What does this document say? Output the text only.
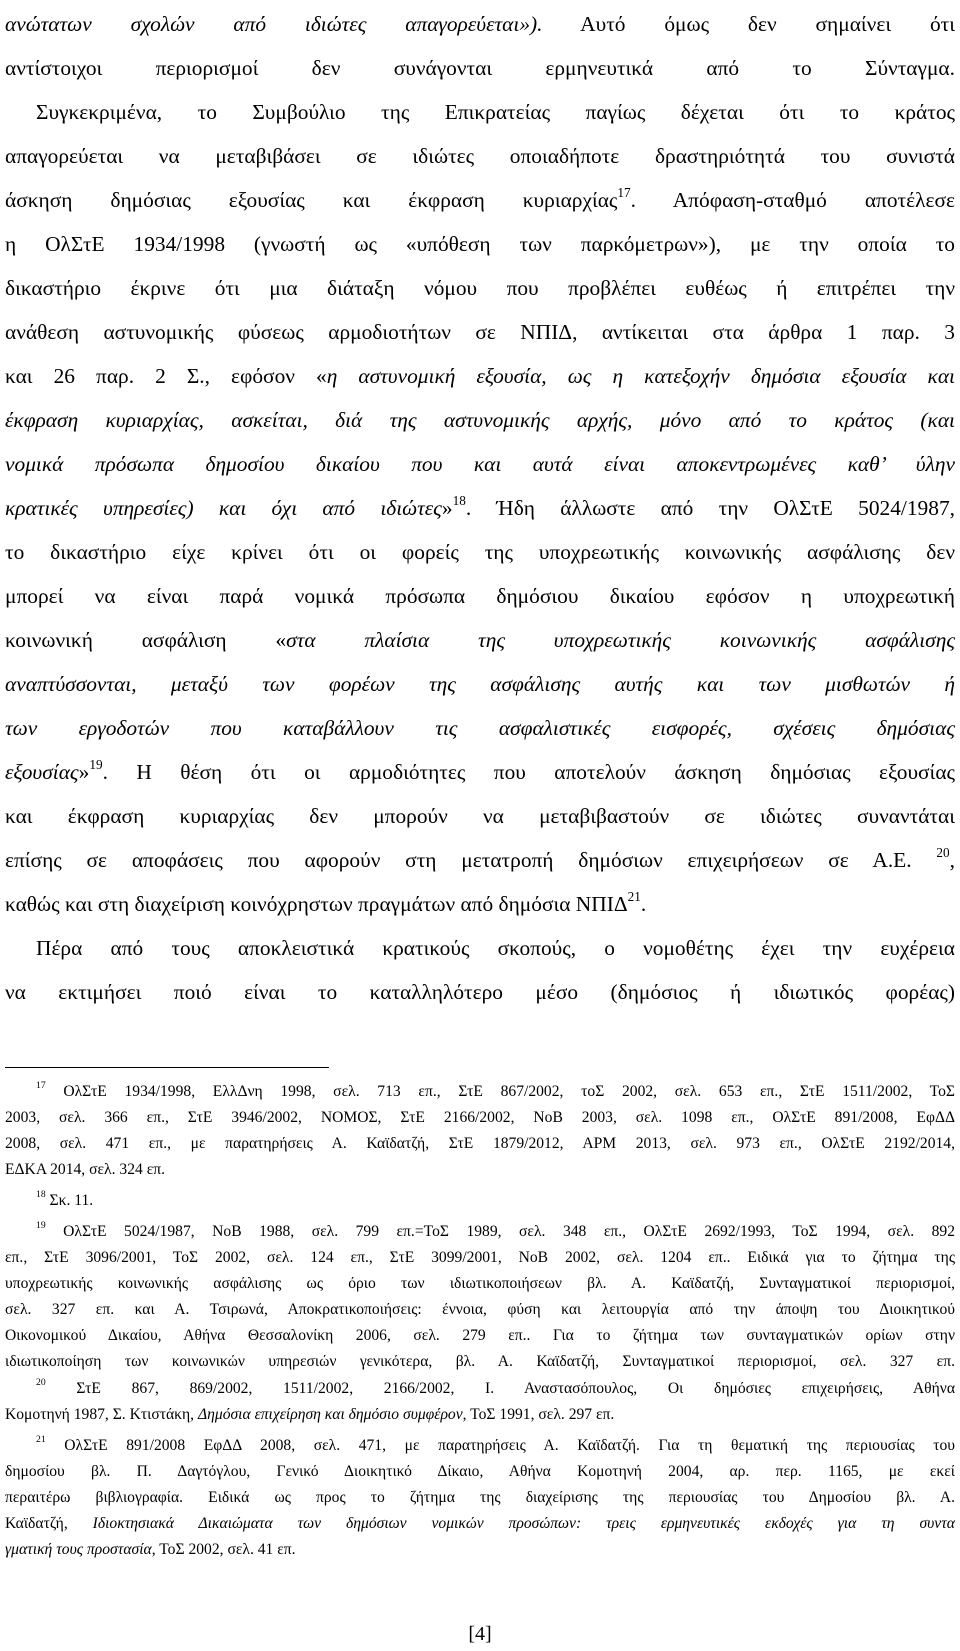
ανώτατων σχολών από ιδιώτες απαγορεύεται»). Αυτό όμως δεν σημαίνει ότι
αντίστοιχοι περιορισμοί δεν συνάγονται ερμηνευτικά από το Σύνταγμα.
Συγκεκριμένα, το Συμβούλιο της Επικρατείας παγίως δέχεται ότι το κράτος
απαγορεύεται να μεταβιβάσει σε ιδιώτες οποιαδήποτε δραστηριότητά του συνιστά
άσκηση δημόσιας εξουσίας και έκφραση κυριαρχίας$^{17}$. Απόφαση-σταθμό αποτέλεσε
η ΟλΣτΕ 1934/1998 (γνωστή ως «υπόθεση των παρκόμετρων»), με την οποία το
δικαστήριο έκρινε ότι μια διάταξη νόμου που προβλέπει ευθέως ή επιτρέπει την
ανάθεση αστυνομικής φύσεως αρμοδιοτήτων σε ΝΠΙΔ, αντίκειται στα άρθρα 1 παρ. 3
και 26 παρ. 2 Σ., εφόσον «η αστυνομική εξουσία, ως η κατεξοχήν δημόσια εξουσία και
έκφραση κυριαρχίας, ασκείται, διά της αστυνομικής αρχής, μόνο από το κράτος (και
νομικά πρόσωπα δημοσίου δικαίου που και αυτά είναι αποκεντρωμένες καθ’ ύλην
κρατικές υπηρεσίες) και όχι από ιδιώτες»$^{18}$. Ήδη άλλωστε από την ΟλΣτΕ 5024/1987,
το δικαστήριο είχε κρίνει ότι οι φορείς της υποχρεωτικής κοινωνικής ασφάλισης δεν
μπορεί να είναι παρά νομικά πρόσωπα δημόσιου δικαίου εφόσον η υποχρεωτική
κοινωνική ασφάλιση «στα πλαίσια της υποχρεωτικής κοινωνικής ασφάλισης
αναπτύσσονται, μεταξύ των φορέων της ασφάλισης αυτής και των μισθωτών ή
των εργοδοτών που καταβάλλουν τις ασφαλιστικές εισφορές, σχέσεις δημόσιας
εξουσίας»$^{19}$. Η θέση ότι οι αρμοδιότητες που αποτελούν άσκηση δημόσιας εξουσίας
και έκφραση κυριαρχίας δεν μπορούν να μεταβιβαστούν σε ιδιώτες συναντάται
επίσης σε αποφάσεις που αφορούν στη μετατροπή δημόσιων επιχειρήσεων σε Α.Ε. $^{20}$,
καθώς και στη διαχείριση κοινόχρηστων πραγμάτων από δημόσια ΝΠΙΔ$^{21}$.
Πέρα από τους αποκλειστικά κρατικούς σκοπούς, ο νομοθέτης έχει την ευχέρεια
να εκτιμήσει ποιό είναι το καταλληλότερο μέσο (δημόσιος ή ιδιωτικός φορέας)
$^{17}$ ΟλΣτΕ 1934/1998, ΕλλΔνη 1998, σελ. 713 επ., ΣτΕ 867/2002, τοΣ 2002, σελ. 653 επ., ΣτΕ 1511/2002, ΤοΣ
2003, σελ. 366 επ., ΣτΕ 3946/2002, ΝΟΜΟΣ, ΣτΕ 2166/2002, ΝοΒ 2003, σελ. 1098 επ., ΟλΣτΕ 891/2008, ΕφΔΔ
2008, σελ. 471 επ., με παρατηρήσεις Α. Καϊδατζή, ΣτΕ 1879/2012, ΑΡΜ 2013, σελ. 973 επ., ΟλΣτΕ 2192/2014,
ΕΔΚΑ 2014, σελ. 324 επ.
$^{18}$ Σκ. 11.
$^{19}$ ΟλΣτΕ 5024/1987, ΝοΒ 1988, σελ. 799 επ.=ΤοΣ 1989, σελ. 348 επ., ΟλΣτΕ 2692/1993, ΤοΣ 1994, σελ. 892
επ., ΣτΕ 3096/2001, ΤοΣ 2002, σελ. 124 επ., ΣτΕ 3099/2001, ΝοΒ 2002, σελ. 1204 επ.. Ειδικά για το ζήτημα της
υποχρεωτικής κοινωνικής ασφάλισης ως όριο των ιδιωτικοποιήσεων βλ. Α. Καϊδατζή, Συνταγματικοί περιορισμοί,
σελ. 327 επ. και Α. Τσιρωνά, Αποκρατικοποιήσεις: έννοια, φύση και λειτουργία από την άποψη του Διοικητικού
Οικονομικού Δικαίου, Αθήνα Θεσσαλονίκη 2006, σελ. 279 επ.. Για το ζήτημα των συνταγματικών ορίων στην
ιδιωτικοποίηση των κοινωνικών υπηρεσιών γενικότερα, βλ. Α. Καϊδατζή, Συνταγματικοί περιορισμοί, σελ. 327 επ.
$^{20}$ ΣτΕ 867, 869/2002, 1511/2002, 2166/2002, Ι. Αναστασόπουλος, Οι δημόσιες επιχειρήσεις, Αθήνα
Κομοτηνή 1987, Σ. Κτιστάκη, Δημόσια επιχείρηση και δημόσιο συμφέρον, ΤοΣ 1991, σελ. 297 επ.
$^{21}$ ΟλΣτΕ 891/2008 ΕφΔΔ 2008, σελ. 471, με παρατηρήσεις Α. Καϊδατζή. Για τη θεματική της περιουσίας του
δημοσίου βλ. Π. Δαγτόγλου, Γενικό Διοικητικό Δίκαιο, Αθήνα Κομοτηνή 2004, αρ. περ. 1165, με εκεί
περαιτέρω βιβλιογραφία. Ειδικά ως προς το ζήτημα της διαχείρισης της περιουσίας του Δημοσίου βλ. Α.
Καϊδατζή, Ιδιοκτησιακά Δικαιώματα των δημόσιων νομικών προσώπων: τρεις ερμηνευτικές εκδοχές για τη συντα
γματική τους προστασία, ΤοΣ 2002, σελ. 41 επ.
[4]
